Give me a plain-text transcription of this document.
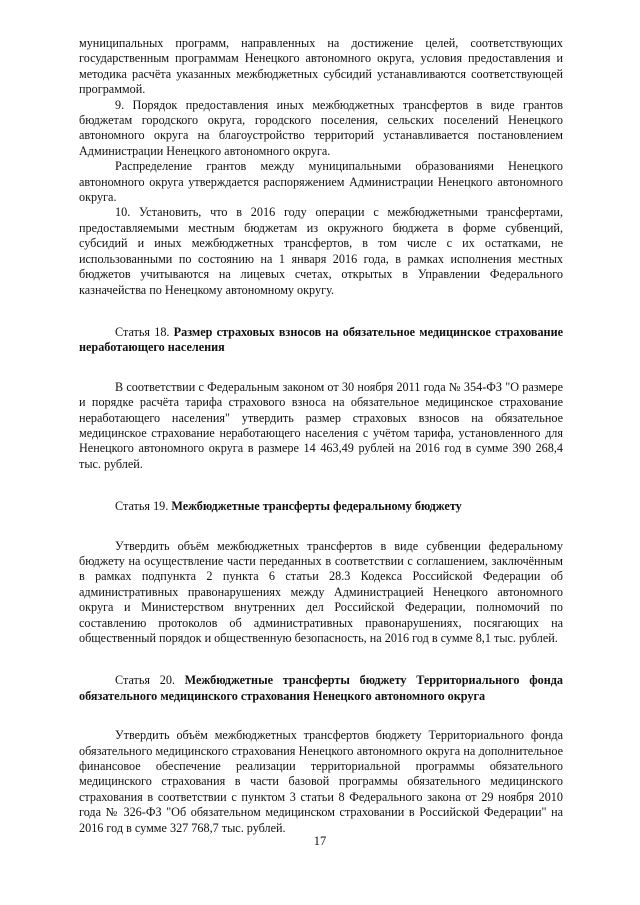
муниципальных программ, направленных на достижение целей, соответствующих государственным программам Ненецкого автономного округа, условия предоставления и методика расчёта указанных межбюджетных субсидий устанавливаются соответствующей программой.

9. Порядок предоставления иных межбюджетных трансфертов в виде грантов бюджетам городского округа, городского поселения, сельских поселений Ненецкого автономного округа на благоустройство территорий устанавливается постановлением Администрации Ненецкого автономного округа.

Распределение грантов между муниципальными образованиями Ненецкого автономного округа утверждается распоряжением Администрации Ненецкого автономного округа.

10. Установить, что в 2016 году операции с межбюджетными трансфертами, предоставляемыми местным бюджетам из окружного бюджета в форме субвенций, субсидий и иных межбюджетных трансфертов, в том числе с их остатками, не использованными по состоянию на 1 января 2016 года, в рамках исполнения местных бюджетов учитываются на лицевых счетах, открытых в Управлении Федерального казначейства по Ненецкому автономному округу.

Статья 18. Размер страховых взносов на обязательное медицинское страхование неработающего населения

В соответствии с Федеральным законом от 30 ноября 2011 года № 354-ФЗ "О размере и порядке расчёта тарифа страхового взноса на обязательное медицинское страхование неработающего населения" утвердить размер страховых взносов на обязательное медицинское страхование неработающего населения с учётом тарифа, установленного для Ненецкого автономного округа в размере 14 463,49 рублей на 2016 год в сумме 390 268,4 тыс. рублей.

Статья 19. Межбюджетные трансферты федеральному бюджету

Утвердить объём межбюджетных трансфертов в виде субвенции федеральному бюджету на осуществление части переданных в соответствии с соглашением, заключённым в рамках подпункта 2 пункта 6 статьи 28.3 Кодекса Российской Федерации об административных правонарушениях между Администрацией Ненецкого автономного округа и Министерством внутренних дел Российской Федерации, полномочий по составлению протоколов об административных правонарушениях, посягающих на общественный порядок и общественную безопасность, на 2016 год в сумме 8,1 тыс. рублей.

Статья 20. Межбюджетные трансферты бюджету Территориального фонда обязательного медицинского страхования Ненецкого автономного округа

Утвердить объём межбюджетных трансфертов бюджету Территориального фонда обязательного медицинского страхования Ненецкого автономного округа на дополнительное финансовое обеспечение реализации территориальной программы обязательного медицинского страхования в части базовой программы обязательного медицинского страхования в соответствии с пунктом 3 статьи 8 Федерального закона от 29 ноября 2010 года № 326-ФЗ "Об обязательном медицинском страховании в Российской Федерации" на 2016 год в сумме 327 768,7 тыс. рублей.

17
